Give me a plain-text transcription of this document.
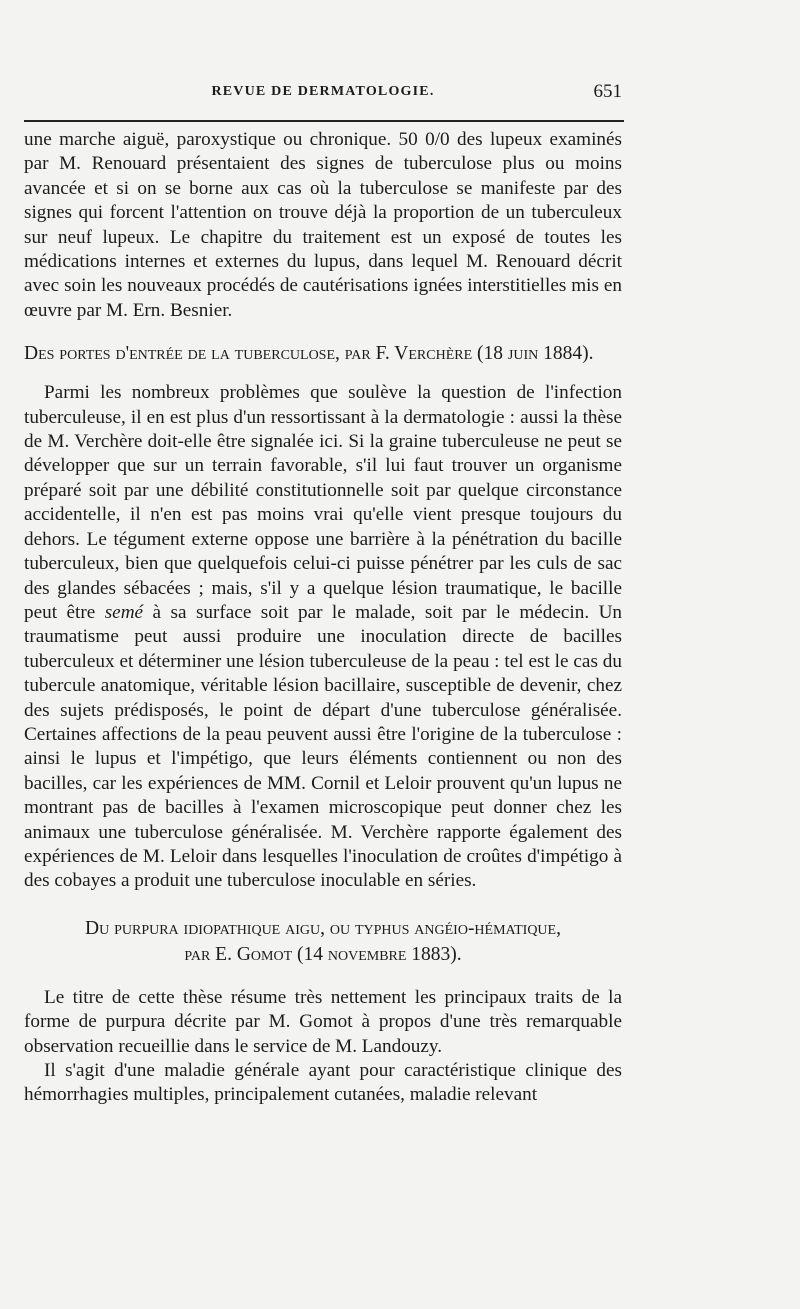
REVUE DE DERMATOLOGIE.	651

une marche aiguë, paroxystique ou chronique. 50 0/0 des lupeux examinés par M. Renouard présentaient des signes de tuberculose plus ou moins avancée et si on se borne aux cas où la tuberculose se manifeste par des signes qui forcent l'attention on trouve déjà la proportion de un tuberculeux sur neuf lupeux. Le chapitre du traitement est un exposé de toutes les médications internes et externes du lupus, dans lequel M. Renouard décrit avec soin les nouveaux procédés de cautérisations ignées interstitielles mis en œuvre par M. Ern. Besnier.

Des portes d'entrée de la tuberculose, par F. Verchère (18 juin 1884).

Parmi les nombreux problèmes que soulève la question de l'infection tuberculeuse, il en est plus d'un ressortissant à la dermatologie : aussi la thèse de M. Verchère doit-elle être signalée ici. Si la graine tuberculeuse ne peut se développer que sur un terrain favorable, s'il lui faut trouver un organisme préparé soit par une débilité constitutionnelle soit par quelque circonstance accidentelle, il n'en est pas moins vrai qu'elle vient presque toujours du dehors. Le tégument externe oppose une barrière à la pénétration du bacille tuberculeux, bien que quelquefois celui-ci puisse pénétrer par les culs de sac des glandes sébacées ; mais, s'il y a quelque lésion traumatique, le bacille peut être semé à sa surface soit par le malade, soit par le médecin. Un traumatisme peut aussi produire une inoculation directe de bacilles tuberculeux et déterminer une lésion tuberculeuse de la peau : tel est le cas du tubercule anatomique, véritable lésion bacillaire, susceptible de devenir, chez des sujets prédisposés, le point de départ d'une tuberculose généralisée. Certaines affections de la peau peuvent aussi être l'origine de la tuberculose : ainsi le lupus et l'impétigo, que leurs éléments contiennent ou non des bacilles, car les expériences de MM. Cornil et Leloir prouvent qu'un lupus ne montrant pas de bacilles à l'examen microscopique peut donner chez les animaux une tuberculose généralisée. M. Verchère rapporte également des expériences de M. Leloir dans lesquelles l'inoculation de croûtes d'impétigo à des cobayes a produit une tuberculose inoculable en séries.

Du purpura idiopathique aigu, ou typhus angéio-hématique,
par E. Gomot (14 novembre 1883).

Le titre de cette thèse résume très nettement les principaux traits de la forme de purpura décrite par M. Gomot à propos d'une très remarquable observation recueillie dans le service de M. Landouzy.

Il s'agit d'une maladie générale ayant pour caractéristique clinique des hémorrhagies multiples, principalement cutanées, maladie relevant
